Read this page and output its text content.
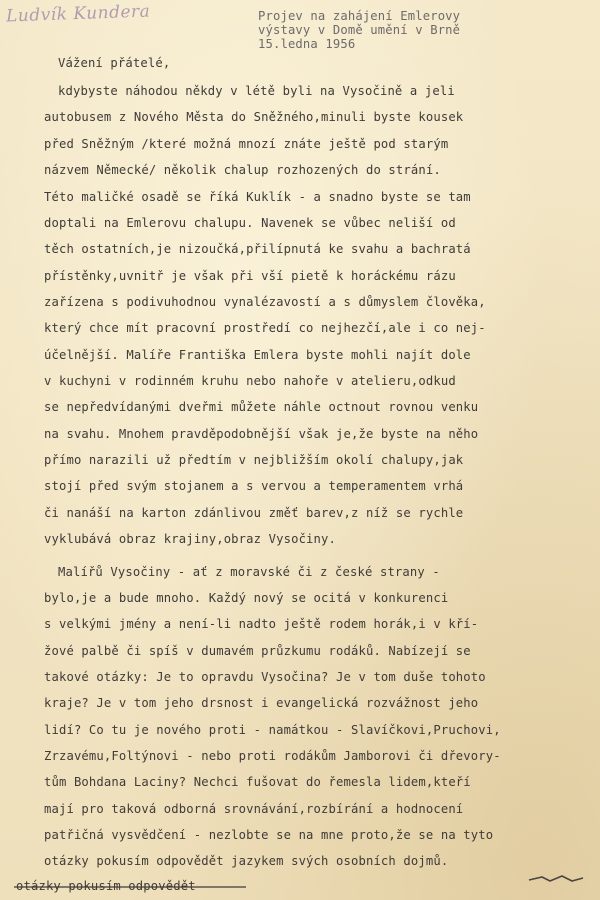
Ludvík Kundera	Projev na zahájení Emlerovy
výstavy v Domě umění v Brně
15.ledna 1956
Vážení přátelé,
kdybyste náhodou někdy v létě byli na Vysočině a jeli
autobusem z Nového Města do Sněžného,minuli byste kousek
před Sněžným /které možná mnozí znáte ještě pod starým
názvem Německé/ několik chalup rozhozených do strání.
Této maličké osadě se říká Kuklík - a snadno byste se tam
doptali na Emlerovu chalupu. Navenek se vůbec neliší od
těch ostatních,je nizoučká,přilípnutá ke svahu a bachratá
přístěnky,uvnitř je však při vší pietě k horáckému rázu
zařízena s podivuhodnou vynalézavostí a s důmyslem člověka,
který chce mít pracovní prostředí co nejhezčí,ale i co nej-
účelnější. Malíře Františka Emlera byste mohli najít dole
v kuchyni v rodinném kruhu nebo nahoře v atelieru,odkud
se nepředvídanými dveřmi můžete náhle octnout rovnou venku
na svahu. Mnohem pravděpodobnější však je,že byste na něho
přímo narazili už předtím v nejbližším okolí chalupy,jak
stojí před svým stojanem a s vervou a temperamentem vrhá
či nanáší na karton zdánlivou změť barev,z níž se rychle
vyklubává obraz krajiny,obraz Vysočiny.
Malířů Vysočiny - ať z moravské či z české strany -
bylo,je a bude mnoho. Každý nový se ocitá v konkurenci
s velkými jmény a není-li nadto ještě rodem horák,i v kří-
žové palbě či spíš v dumavém průzkumu rodáků. Nabízejí se
takové otázky: Je to opravdu Vysočina? Je v tom duše tohoto
kraje? Je v tom jeho drsnost i evangelická rozvážnost jeho
lidí? Co tu je nového proti - namátkou - Slavíčkovi,Pruchovi,
Zrzavému,Foltýnovi - nebo proti rodákům Jamborovi či dřevory-
tům Bohdana Laciny? Nechci fušovat do řemesla lidem,kteří
mají pro taková odborná srovnávání,rozbírání a hodnocení
patřičná vysvědčení - nezlobte se na mne proto,že se na tyto
otázky pokusím odpovědět jazykem svých osobních dojmů.
otázky pokusím odpovědět
